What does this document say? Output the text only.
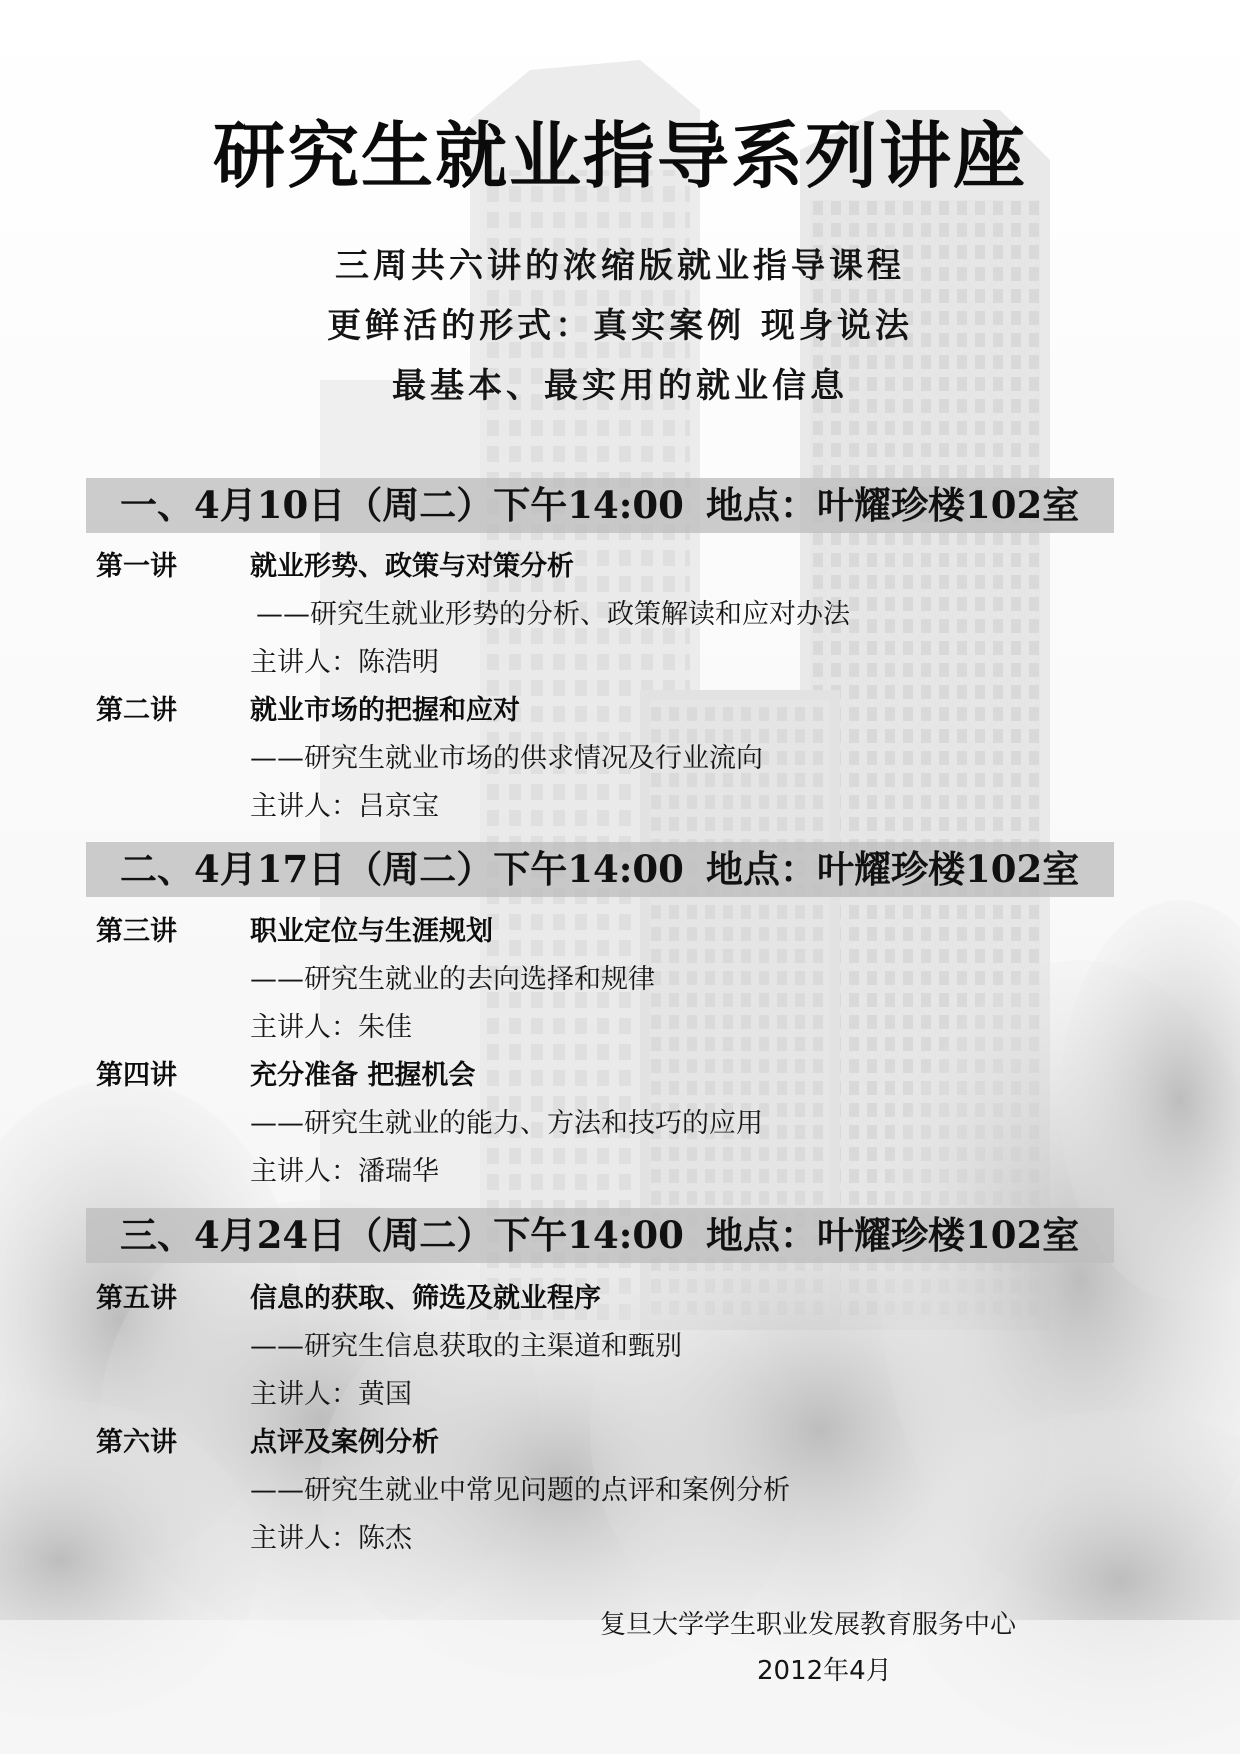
研究生就业指导系列讲座
三周共六讲的浓缩版就业指导课程
更鲜活的形式：真实案例 现身说法
最基本、最实用的就业信息
一、4月10日（周二）下午14:00 地点：叶耀珍楼102室
第一讲	就业形势、政策与对策分析
——研究生就业形势的分析、政策解读和应对办法
主讲人：陈浩明
第二讲	就业市场的把握和应对
——研究生就业市场的供求情况及行业流向
主讲人：吕京宝
二、4月17日（周二）下午14:00 地点：叶耀珍楼102室
第三讲	职业定位与生涯规划
——研究生就业的去向选择和规律
主讲人：朱佳
第四讲	充分准备 把握机会
——研究生就业的能力、方法和技巧的应用
主讲人：潘瑞华
三、4月24日（周二）下午14:00 地点：叶耀珍楼102室
第五讲	信息的获取、筛选及就业程序
——研究生信息获取的主渠道和甄别
主讲人：黄国
第六讲	点评及案例分析
——研究生就业中常见问题的点评和案例分析
主讲人：陈杰
复旦大学学生职业发展教育服务中心
2012年4月
